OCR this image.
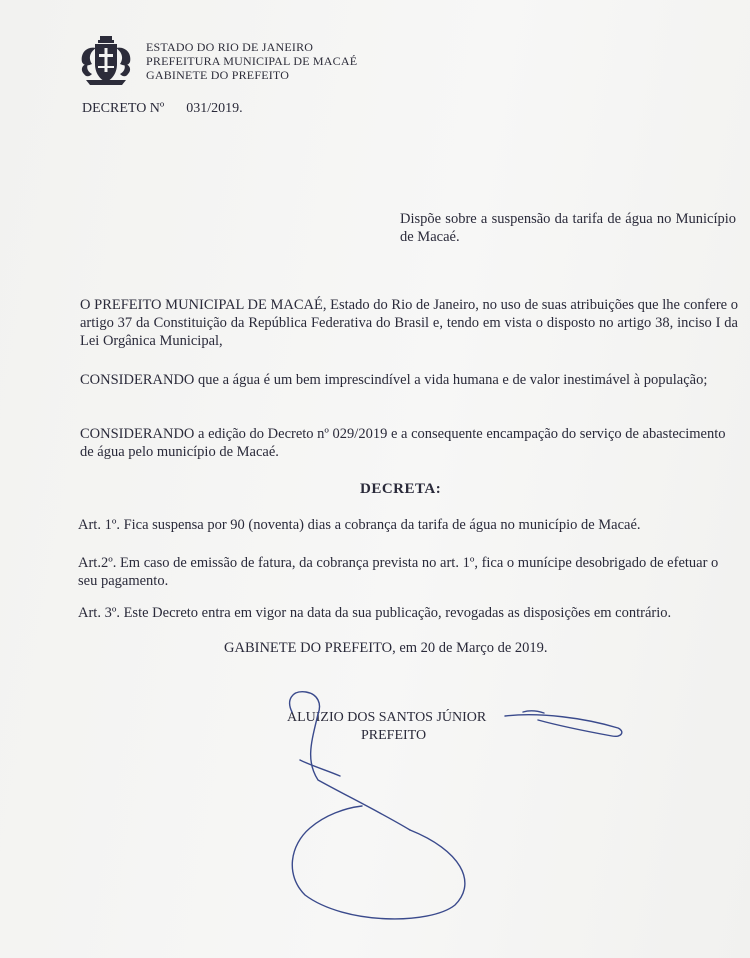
ESTADO DO RIO DE JANEIRO
PREFEITURA MUNICIPAL DE MACAÉ
GABINETE DO PREFEITO
DECRETO Nº 031/2019.
Dispõe sobre a suspensão da tarifa de água no Município de Macaé.
O PREFEITO MUNICIPAL DE MACAÉ, Estado do Rio de Janeiro, no uso de suas atribuições que lhe confere o artigo 37 da Constituição da República Federativa do Brasil e, tendo em vista o disposto no artigo 38, inciso I da Lei Orgânica Municipal,
CONSIDERANDO que a água é um bem imprescindível a vida humana e de valor inestimável à população;
CONSIDERANDO a edição do Decreto nº 029/2019 e a consequente encampação do serviço de abastecimento de água pelo município de Macaé.
DECRETA:
Art. 1º. Fica suspensa por 90 (noventa) dias a cobrança da tarifa de água no município de Macaé.
Art.2º. Em caso de emissão de fatura, da cobrança prevista no art. 1º, fica o munícipe desobrigado de efetuar o seu pagamento.
Art. 3º. Este Decreto entra em vigor na data da sua publicação, revogadas as disposições em contrário.
GABINETE DO PREFEITO, em 20 de Março de 2019.
ALUIZIO DOS SANTOS JÚNIOR
PREFEITO
